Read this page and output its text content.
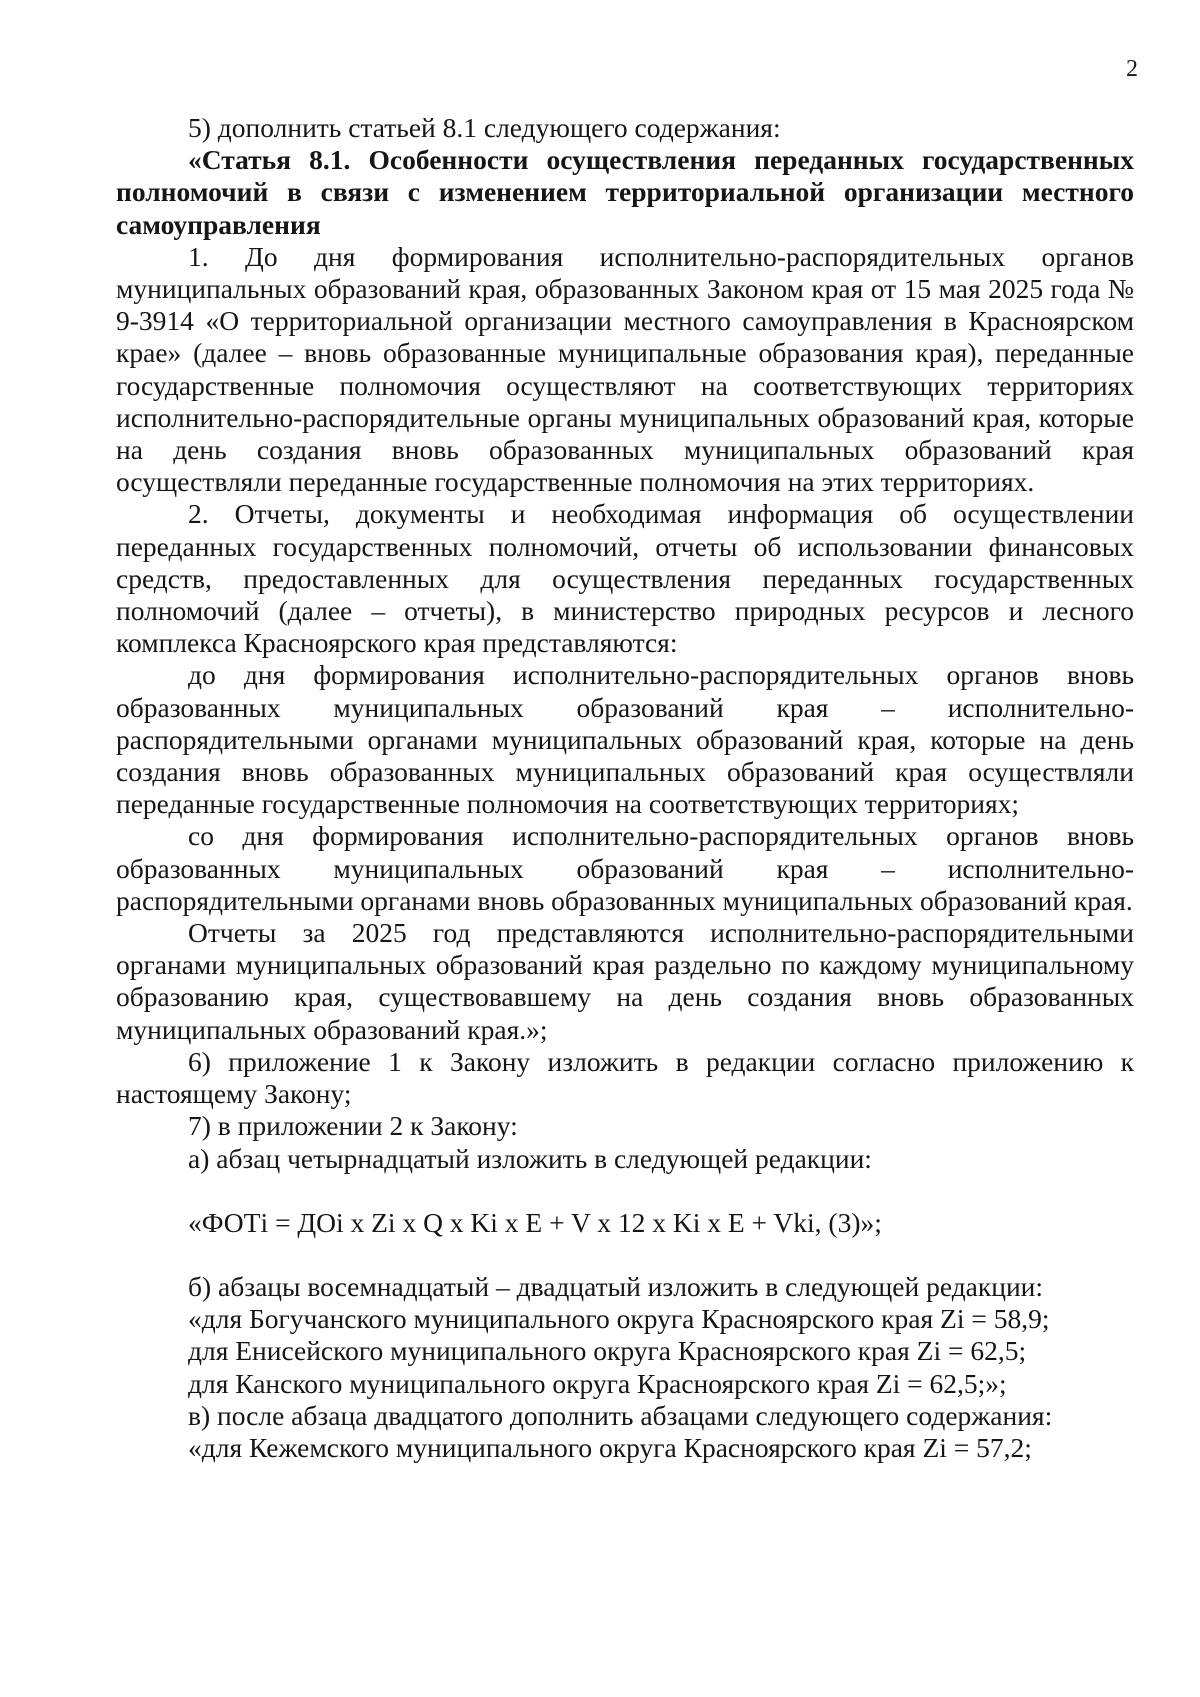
2

5) дополнить статьей 8.1 следующего содержания:

«Статья 8.1. Особенности осуществления переданных государственных полномочий в связи с изменением территориальной организации местного самоуправления

1. До дня формирования исполнительно-распорядительных органов муниципальных образований края, образованных Законом края от 15 мая 2025 года № 9-3914 «О территориальной организации местного самоуправления в Красноярском крае» (далее – вновь образованные муниципальные образования края), переданные государственные полномочия осуществляют на соответствующих территориях исполнительно-распорядительные органы муниципальных образований края, которые на день создания вновь образованных муниципальных образований края осуществляли переданные государственные полномочия на этих территориях.

2. Отчеты, документы и необходимая информация об осуществлении переданных государственных полномочий, отчеты об использовании финансовых средств, предоставленных для осуществления переданных государственных полномочий (далее – отчеты), в министерство природных ресурсов и лесного комплекса Красноярского края представляются:

до дня формирования исполнительно-распорядительных органов вновь образованных муниципальных образований края – исполнительно-распорядительными органами муниципальных образований края, которые на день создания вновь образованных муниципальных образований края осуществляли переданные государственные полномочия на соответствующих территориях;

со дня формирования исполнительно-распорядительных органов вновь образованных муниципальных образований края – исполнительно-распорядительными органами вновь образованных муниципальных образований края.

Отчеты за 2025 год представляются исполнительно-распорядительными органами муниципальных образований края раздельно по каждому муниципальному образованию края, существовавшему на день создания вновь образованных муниципальных образований края.»;

6) приложение 1 к Закону изложить в редакции согласно приложению к настоящему Закону;

7) в приложении 2 к Закону:

а) абзац четырнадцатый изложить в следующей редакции:

«ФОТi = ДОi x Zi x Q x Ki x E + V x 12 x Ki x E + Vki, (3)»;

б) абзацы восемнадцатый – двадцатый изложить в следующей редакции:

«для Богучанского муниципального округа Красноярского края Zi = 58,9;

для Енисейского муниципального округа Красноярского края Zi = 62,5;

для Канского муниципального округа Красноярского края Zi = 62,5;»;

в) после абзаца двадцатого дополнить абзацами следующего содержания:

«для Кежемского муниципального округа Красноярского края Zi = 57,2;
